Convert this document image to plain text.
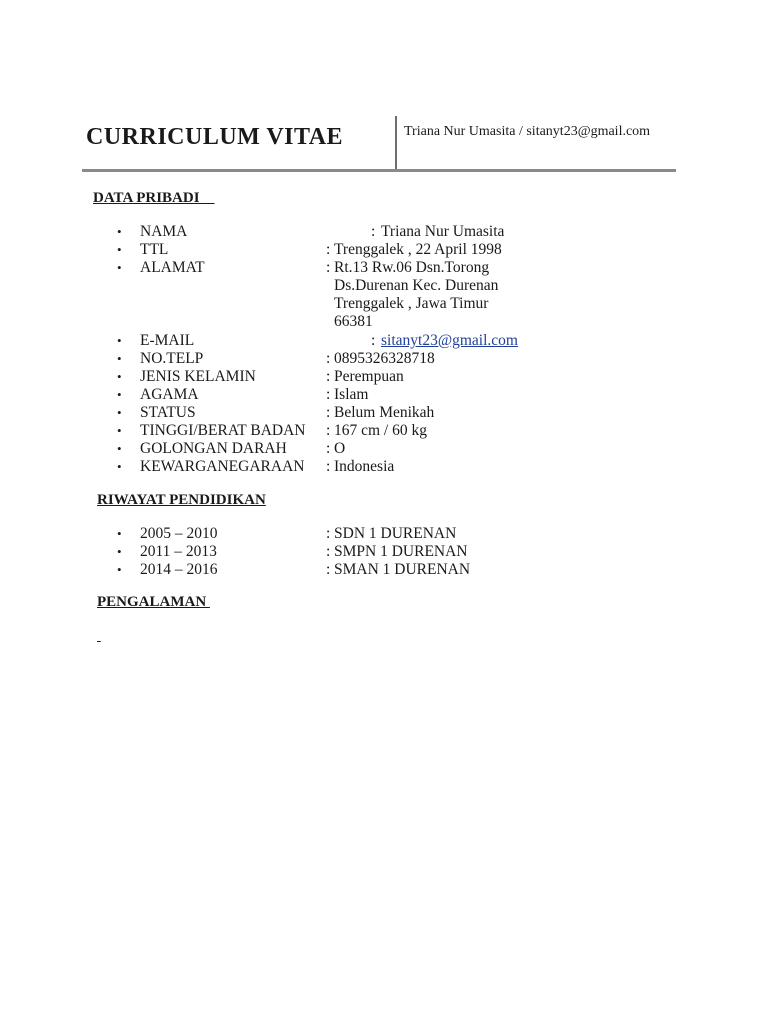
CURRICULUM VITAE	Triana Nur Umasita / sitanyt23@gmail.com
DATA PRIBADI
• NAMA	: Triana Nur Umasita
• TTL	: Trenggalek , 22 April 1998
• ALAMAT	: Rt.13 Rw.06 Dsn.Torong
Ds.Durenan Kec. Durenan
Trenggalek , Jawa Timur
66381
• E-MAIL	: sitanyt23@gmail.com
• NO.TELP	: 0895326328718
• JENIS KELAMIN	: Perempuan
• AGAMA	: Islam
• STATUS	: Belum Menikah
• TINGGI/BERAT BADAN : 167 cm / 60 kg
• GOLONGAN DARAH	: O
• KEWARGANEGARAAN : Indonesia
RIWAYAT PENDIDIKAN
• 2005 – 2010	: SDN 1 DURENAN
• 2011 – 2013	: SMPN 1 DURENAN
• 2014 – 2016	: SMAN 1 DURENAN
PENGALAMAN
